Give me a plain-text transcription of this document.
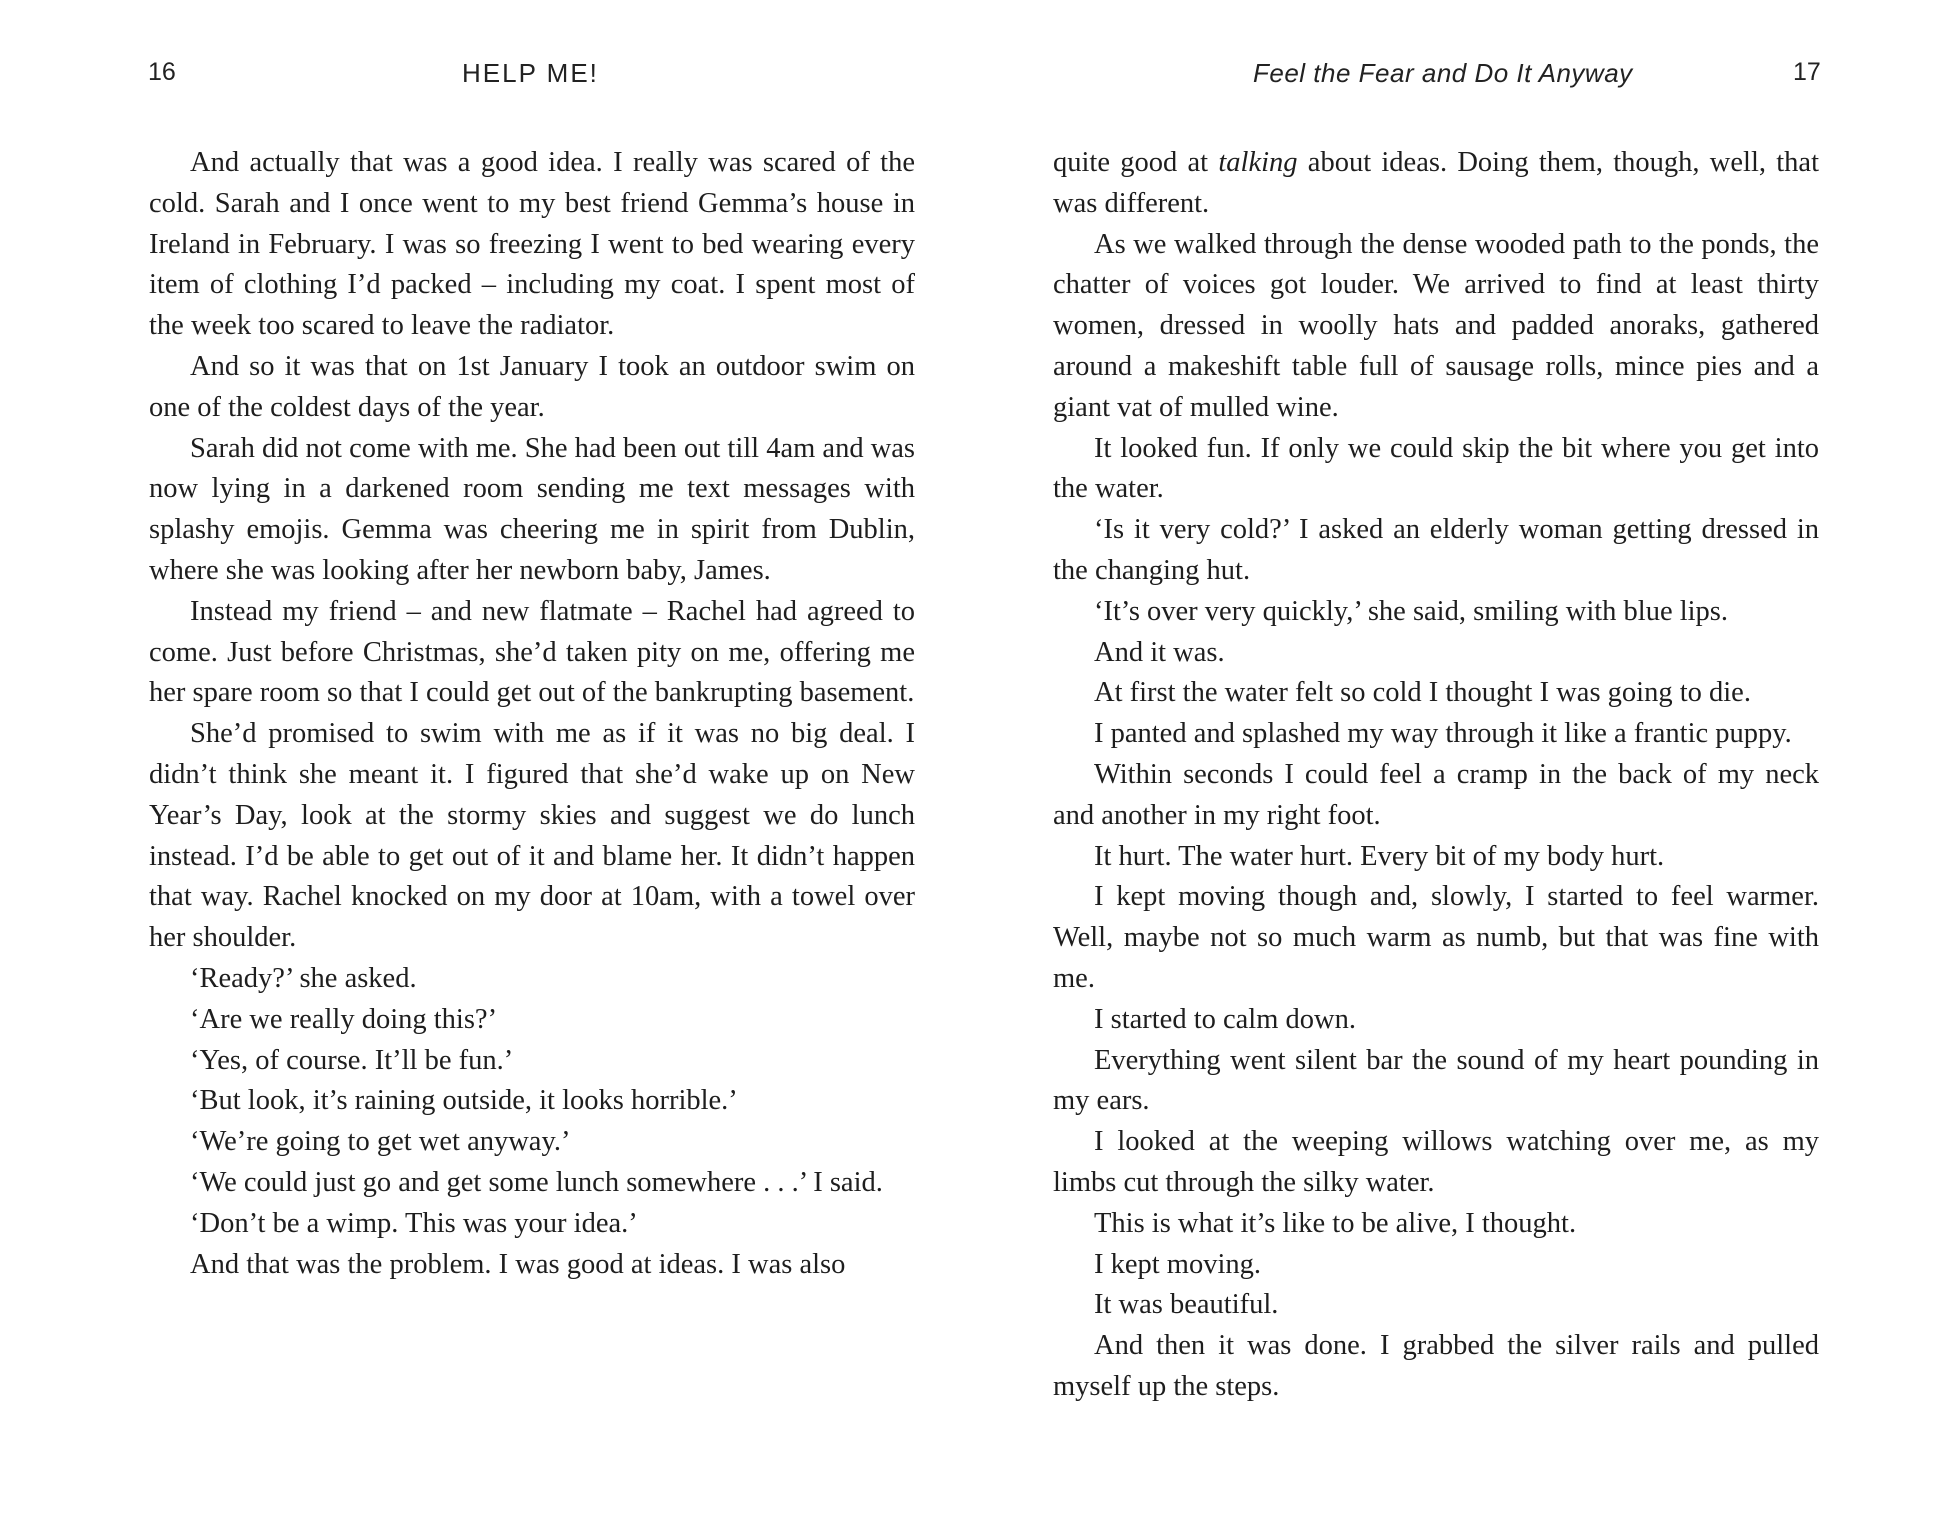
16	HELP ME!

And actually that was a good idea. I really was scared of the cold. Sarah and I once went to my best friend Gemma’s house in Ireland in February. I was so freezing I went to bed wearing every item of clothing I’d packed – including my coat. I spent most of the week too scared to leave the radiator.

And so it was that on 1st January I took an outdoor swim on one of the coldest days of the year.

Sarah did not come with me. She had been out till 4am and was now lying in a darkened room sending me text messages with splashy emojis. Gemma was cheering me in spirit from Dublin, where she was looking after her newborn baby, James.

Instead my friend – and new flatmate – Rachel had agreed to come. Just before Christmas, she’d taken pity on me, offering me her spare room so that I could get out of the bankrupting basement.

She’d promised to swim with me as if it was no big deal. I didn’t think she meant it. I figured that she’d wake up on New Year’s Day, look at the stormy skies and suggest we do lunch instead. I’d be able to get out of it and blame her. It didn’t happen that way. Rachel knocked on my door at 10am, with a towel over her shoulder.

‘Ready?’ she asked.

‘Are we really doing this?’

‘Yes, of course. It’ll be fun.’

‘But look, it’s raining outside, it looks horrible.’

‘We’re going to get wet anyway.’

‘We could just go and get some lunch somewhere . . .’ I said.

‘Don’t be a wimp. This was your idea.’

And that was the problem. I was good at ideas. I was also

Feel the Fear and Do It Anyway	17

quite good at talking about ideas. Doing them, though, well, that was different.

As we walked through the dense wooded path to the ponds, the chatter of voices got louder. We arrived to find at least thirty women, dressed in woolly hats and padded anoraks, gathered around a makeshift table full of sausage rolls, mince pies and a giant vat of mulled wine.

It looked fun. If only we could skip the bit where you get into the water.

‘Is it very cold?’ I asked an elderly woman getting dressed in the changing hut.

‘It’s over very quickly,’ she said, smiling with blue lips.

And it was.

At first the water felt so cold I thought I was going to die.

I panted and splashed my way through it like a frantic puppy.

Within seconds I could feel a cramp in the back of my neck and another in my right foot.

It hurt. The water hurt. Every bit of my body hurt.

I kept moving though and, slowly, I started to feel warmer. Well, maybe not so much warm as numb, but that was fine with me.

I started to calm down.

Everything went silent bar the sound of my heart pounding in my ears.

I looked at the weeping willows watching over me, as my limbs cut through the silky water.

This is what it’s like to be alive, I thought.

I kept moving.

It was beautiful.

And then it was done. I grabbed the silver rails and pulled myself up the steps.
